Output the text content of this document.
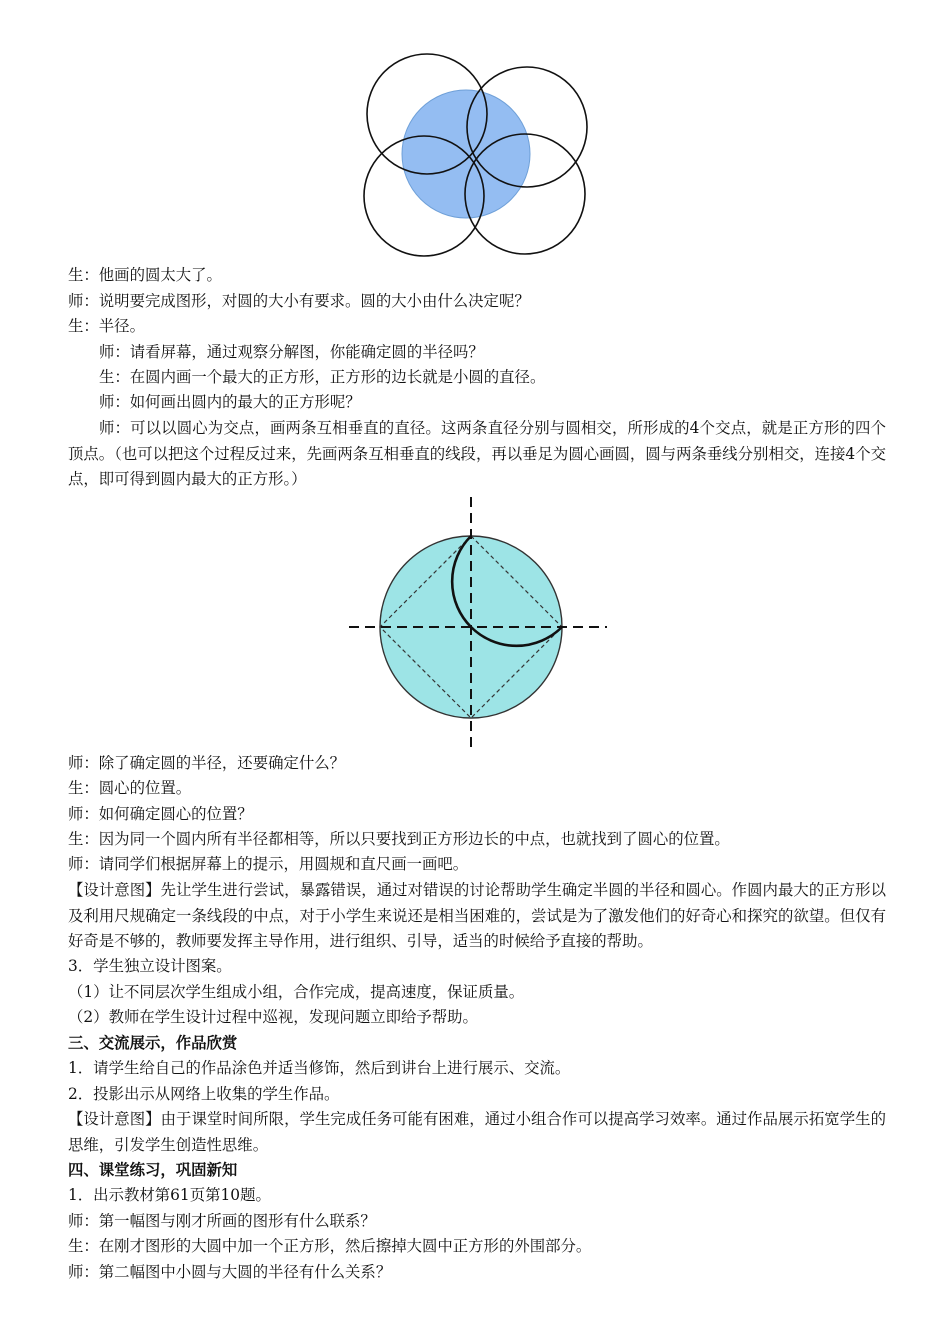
生：他画的圆太大了。
师：说明要完成图形，对圆的大小有要求。圆的大小由什么决定呢？
生：半径。
师：请看屏幕，通过观察分解图，你能确定圆的半径吗？
生：在圆内画一个最大的正方形，正方形的边长就是小圆的直径。
师：如何画出圆内的最大的正方形呢？
师：可以以圆心为交点，画两条互相垂直的直径。这两条直径分别与圆相交，所形成的4个交点，就是正方形的四个顶点。（也可以把这个过程反过来，先画两条互相垂直的线段，再以垂足为圆心画圆，圆与两条垂线分别相交，连接4个交点，即可得到圆内最大的正方形。）
师：除了确定圆的半径，还要确定什么？
生：圆心的位置。
师：如何确定圆心的位置？
生：因为同一个圆内所有半径都相等，所以只要找到正方形边长的中点，也就找到了圆心的位置。
师：请同学们根据屏幕上的提示，用圆规和直尺画一画吧。
【设计意图】先让学生进行尝试，暴露错误，通过对错误的讨论帮助学生确定半圆的半径和圆心。作圆内最大的正方形以及利用尺规确定一条线段的中点，对于小学生来说还是相当困难的，尝试是为了激发他们的好奇心和探究的欲望。但仅有好奇是不够的，教师要发挥主导作用，进行组织、引导，适当的时候给予直接的帮助。
3．学生独立设计图案。
（1）让不同层次学生组成小组，合作完成，提高速度，保证质量。
（2）教师在学生设计过程中巡视，发现问题立即给予帮助。
三、交流展示，作品欣赏
1．请学生给自己的作品涂色并适当修饰，然后到讲台上进行展示、交流。
2．投影出示从网络上收集的学生作品。
【设计意图】由于课堂时间所限，学生完成任务可能有困难，通过小组合作可以提高学习效率。通过作品展示拓宽学生的思维，引发学生创造性思维。
四、课堂练习，巩固新知
1．出示教材第61页第10题。
师：第一幅图与刚才所画的图形有什么联系？
生：在刚才图形的大圆中加一个正方形，然后擦掉大圆中正方形的外围部分。
师：第二幅图中小圆与大圆的半径有什么关系？
